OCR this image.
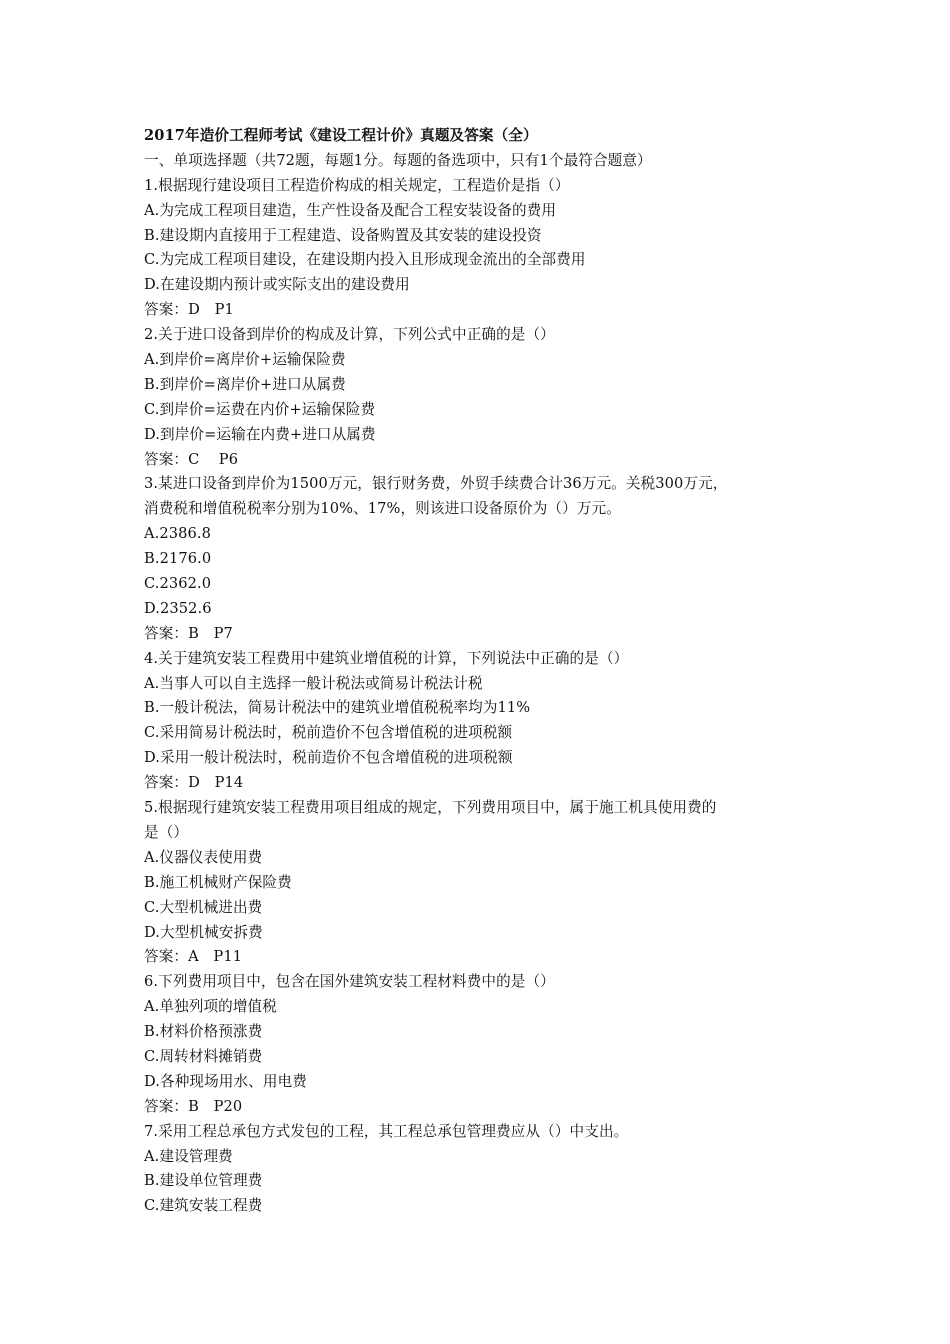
2017年造价工程师考试《建设工程计价》真题及答案（全）
一、单项选择题（共72题，每题1分。每题的备选项中，只有1个最符合题意）
1.根据现行建设项目工程造价构成的相关规定，工程造价是指（）
A.为完成工程项目建造，生产性设备及配合工程安装设备的费用
B.建设期内直接用于工程建造、设备购置及其安装的建设投资
C.为完成工程项目建设，在建设期内投入且形成现金流出的全部费用
D.在建设期内预计或实际支出的建设费用
答案：D　P1
2.关于进口设备到岸价的构成及计算，下列公式中正确的是（）
A.到岸价=离岸价+运输保险费
B.到岸价=离岸价+进口从属费
C.到岸价=运费在内价+运输保险费
D.到岸价=运输在内费+进口从属费
答案：C　 P6
3.某进口设备到岸价为1500万元，银行财务费，外贸手续费合计36万元。关税300万元，
消费税和增值税税率分别为10%、17%，则该进口设备原价为（）万元。
A.2386.8
B.2176.0
C.2362.0
D.2352.6
答案：B　P7
4.关于建筑安装工程费用中建筑业增值税的计算，下列说法中正确的是（）
A.当事人可以自主选择一般计税法或简易计税法计税
B.一般计税法，简易计税法中的建筑业增值税税率均为11%
C.采用简易计税法时，税前造价不包含增值税的进项税额
D.采用一般计税法时，税前造价不包含增值税的进项税额
答案：D　P14
5.根据现行建筑安装工程费用项目组成的规定，下列费用项目中，属于施工机具使用费的
是（）
A.仪器仪表使用费
B.施工机械财产保险费
C.大型机械进出费
D.大型机械安拆费
答案：A　P11
6.下列费用项目中，包含在国外建筑安装工程材料费中的是（）
A.单独列项的增值税
B.材料价格预涨费
C.周转材料摊销费
D.各种现场用水、用电费
答案：B　P20
7.采用工程总承包方式发包的工程，其工程总承包管理费应从（）中支出。
A.建设管理费
B.建设单位管理费
C.建筑安装工程费
